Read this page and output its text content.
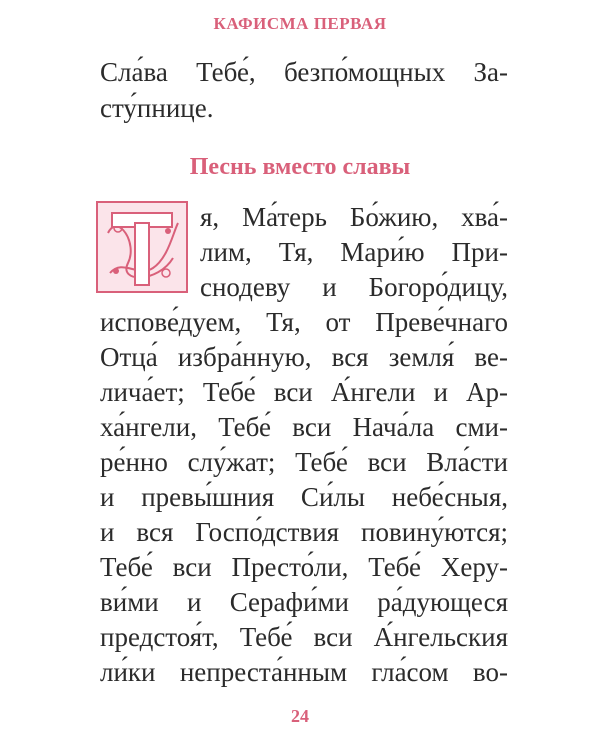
КАФИСМА ПЕРВАЯ
Сла́ва Тебе́, безпо́мощных За-
сту́пнице.
Песнь вместо славы
я, Ма́терь Бо́жию, хва́-
лим, Тя, Мари́ю При-
снодеву и Богоро́дицу,
испове́дуем, Тя, от Преве́чнаго
Отца́ избра́нную, вся земля́ ве-
лича́ет; Тебе́ вси А́нгели и Ар-
ха́нгели, Тебе́ вси Нача́ла сми-
ре́нно слу́жат; Тебе́ вси Вла́сти
и превы́шния Си́лы небе́сныя,
и вся Госпо́дствия повину́ются;
Тебе́ вси Престо́ли, Тебе́ Херу-
ви́ми и Серафи́ми ра́дующеся
предстоя́т, Тебе́ вси А́нгельския
ли́ки непреста́нным гла́сом во-
24
